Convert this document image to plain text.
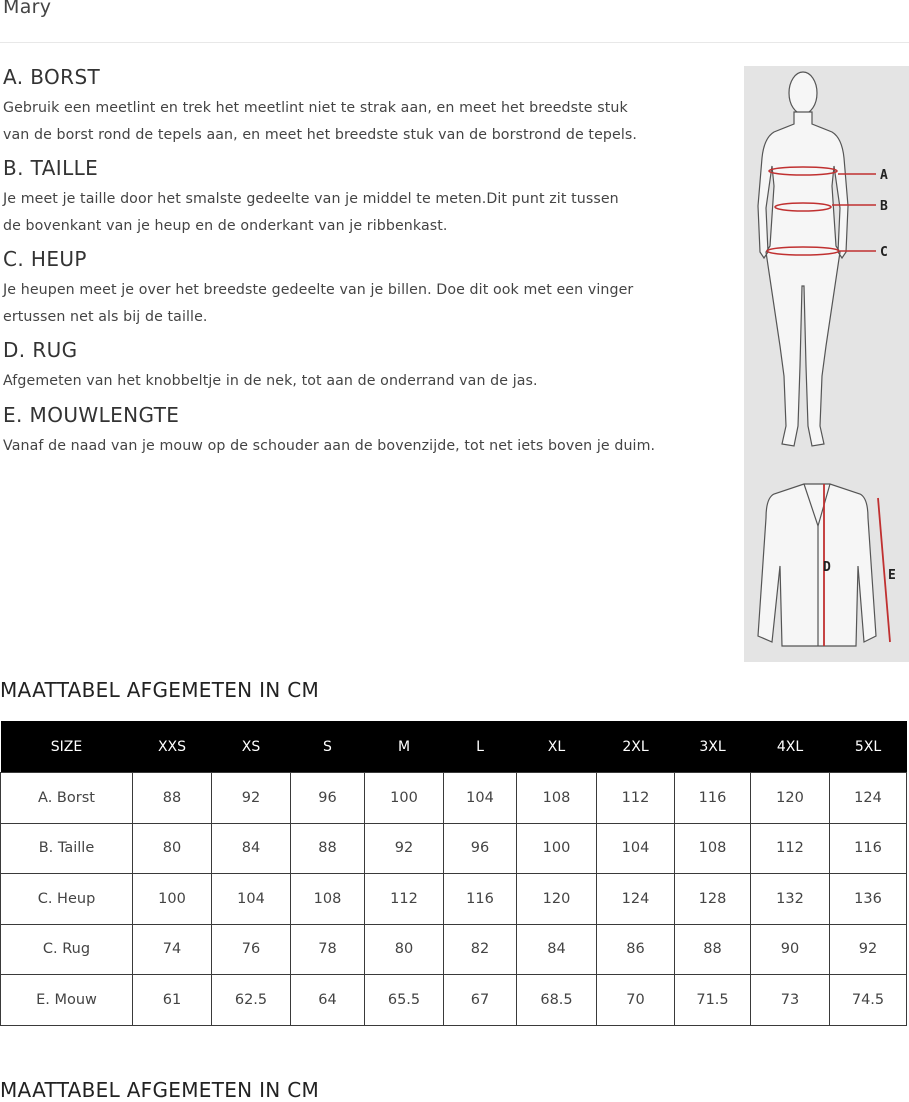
Mary
A. BORST

Gebruik een meetlint en trek het meetlint niet te strak aan, en meet het breedste stuk van de borst rond de tepels aan, en meet het breedste stuk van de borstrond de tepels.

B. TAILLE

Je meet je taille door het smalste gedeelte van je middel te meten.Dit punt zit tussen de bovenkant van je heup en de onderkant van je ribbenkast.

C. HEUP

Je heupen meet je over het breedste gedeelte van je billen. Doe dit ook met een vinger ertussen net als bij de taille.

D. RUG

Afgemeten van het knobbeltje in de nek, tot aan de onderrand van de jas.

E. MOUWLENGTE

Vanaf de naad van je mouw op de schouder aan de bovenzijde, tot net iets boven je duim.

A
B
C
D
E
MAATTABEL AFGEMETEN IN CM
SIZE	XXS	XS	S	M	L	XL	2XL	3XL	4XL	5XL
A. Borst	88	92	96	100	104	108	112	116	120	124
B. Taille	80	84	88	92	96	100	104	108	112	116
C. Heup	100	104	108	112	116	120	124	128	132	136
C. Rug	74	76	78	80	82	84	86	88	90	92
E. Mouw	61	62.5	64	65.5	67	68.5	70	71.5	73	74.5
MAATTABEL AFGEMETEN IN CM
